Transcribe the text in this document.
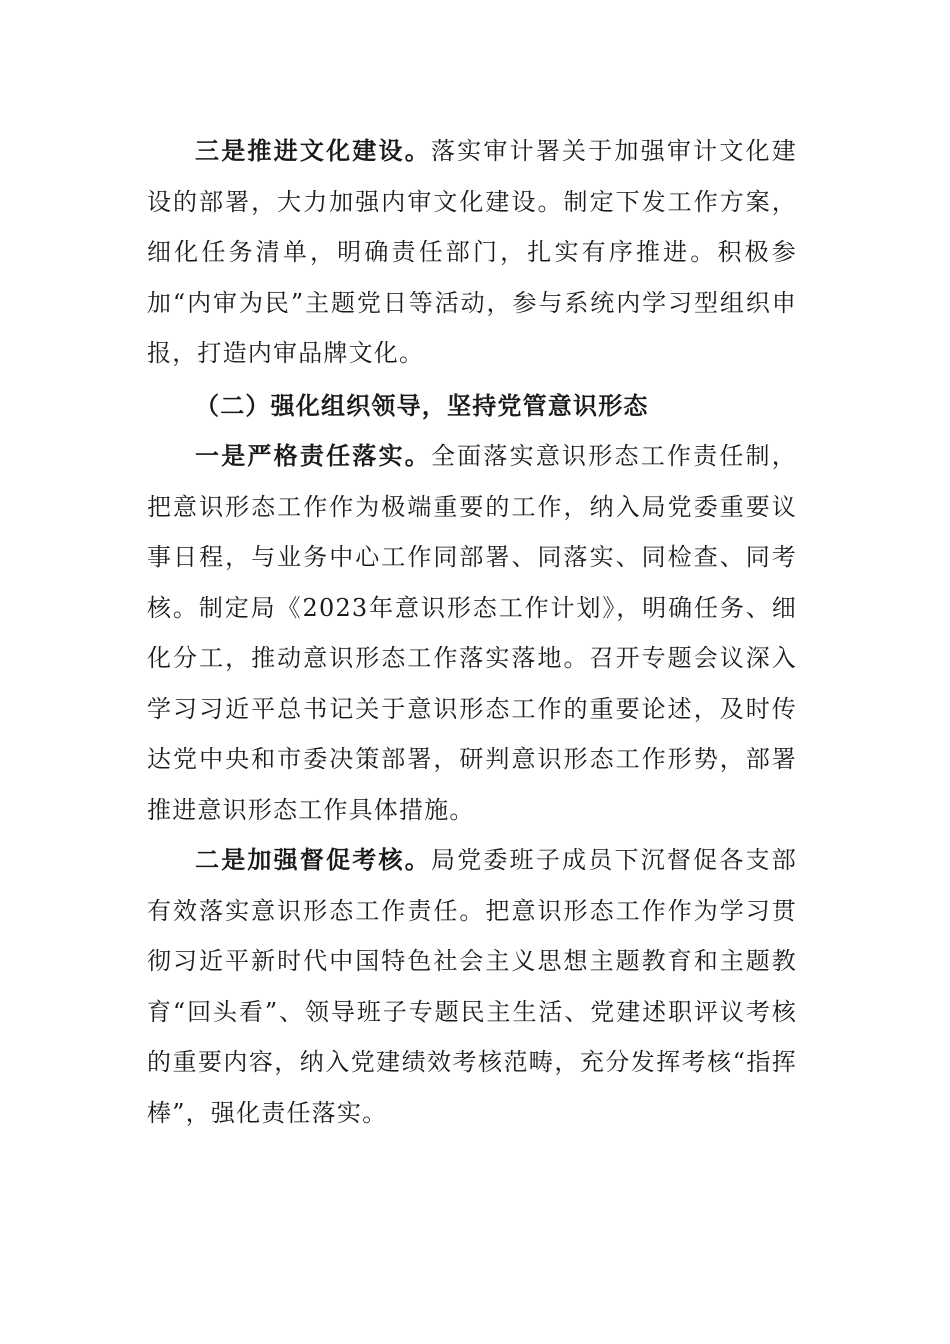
三是推进文化建设。落实审计署关于加强审计文化建设的部署，大力加强内审文化建设。制定下发工作方案，细化任务清单，明确责任部门，扎实有序推进。积极参加“内审为民”主题党日等活动，参与系统内学习型组织申报，打造内审品牌文化。

（二）强化组织领导，坚持党管意识形态

一是严格责任落实。全面落实意识形态工作责任制，把意识形态工作作为极端重要的工作，纳入局党委重要议事日程，与业务中心工作同部署、同落实、同检查、同考核。制定局《2023年意识形态工作计划》，明确任务、细化分工，推动意识形态工作落实落地。召开专题会议深入学习习近平总书记关于意识形态工作的重要论述，及时传达党中央和市委决策部署，研判意识形态工作形势，部署推进意识形态工作具体措施。

二是加强督促考核。局党委班子成员下沉督促各支部有效落实意识形态工作责任。把意识形态工作作为学习贯彻习近平新时代中国特色社会主义思想主题教育和主题教育“回头看”、领导班子专题民主生活、党建述职评议考核的重要内容，纳入党建绩效考核范畴，充分发挥考核“指挥棒”，强化责任落实。
